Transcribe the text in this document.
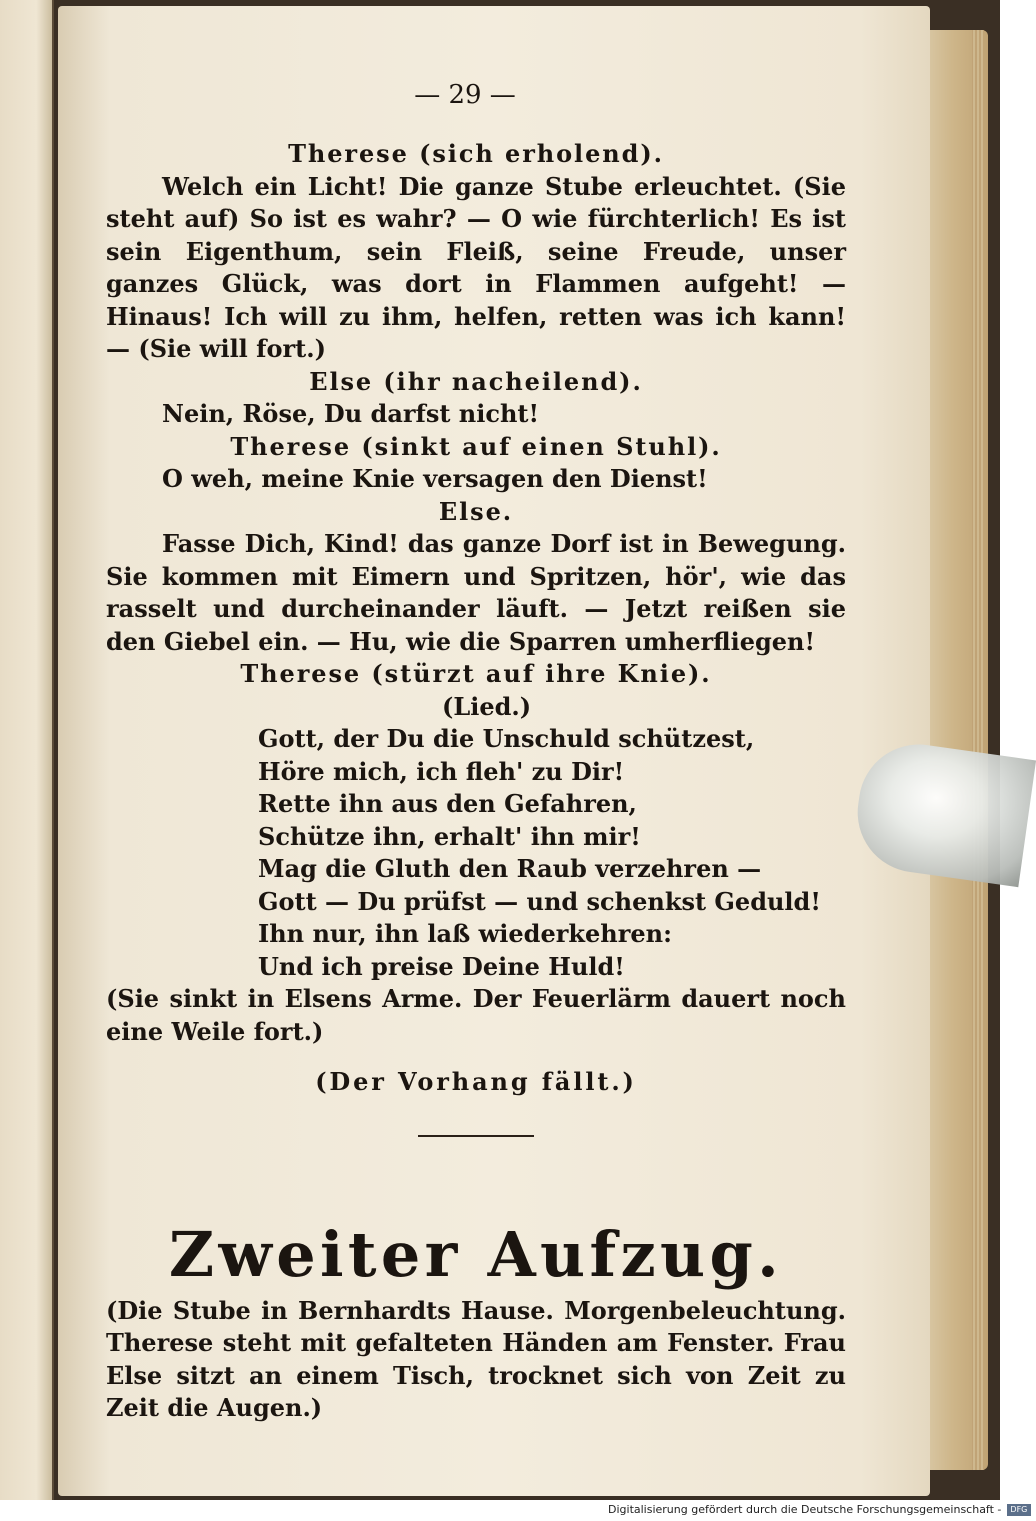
— 29 —

Therese (sich erholend).

Welch ein Licht! Die ganze Stube erleuchtet. (Sie steht auf) So ist es wahr? — O wie fürchterlich! Es ist sein Eigenthum, sein Fleiß, seine Freude, unser ganzes Glück, was dort in Flammen aufgeht! — Hinaus! Ich will zu ihm, helfen, retten was ich kann! — (Sie will fort.)

Else (ihr nacheilend).

Nein, Röse, Du darfst nicht!

Therese (sinkt auf einen Stuhl).

O weh, meine Knie versagen den Dienst!

Else.

Fasse Dich, Kind! das ganze Dorf ist in Bewegung. Sie kommen mit Eimern und Spritzen, hör', wie das rasselt und durcheinander läuft. — Jetzt reißen sie den Giebel ein. — Hu, wie die Sparren umherfliegen!

Therese (stürzt auf ihre Knie).

(Lied.)

Gott, der Du die Unschuld schützest,

Höre mich, ich fleh' zu Dir!

Rette ihn aus den Gefahren,

Schütze ihn, erhalt' ihn mir!

Mag die Gluth den Raub verzehren —

Gott — Du prüfst — und schenkst Geduld!

Ihn nur, ihn laß wiederkehren:

Und ich preise Deine Huld!

(Sie sinkt in Elsens Arme. Der Feuerlärm dauert noch eine Weile fort.)

(Der Vorhang fällt.)

Zweiter Aufzug.

(Die Stube in Bernhardts Hause. Morgenbeleuchtung. Therese steht mit gefalteten Händen am Fenster. Frau Else sitzt an einem Tisch, trocknet sich von Zeit zu Zeit die Augen.)

Digitalisierung gefördert durch die Deutsche Forschungsgemeinschaft - DFG
